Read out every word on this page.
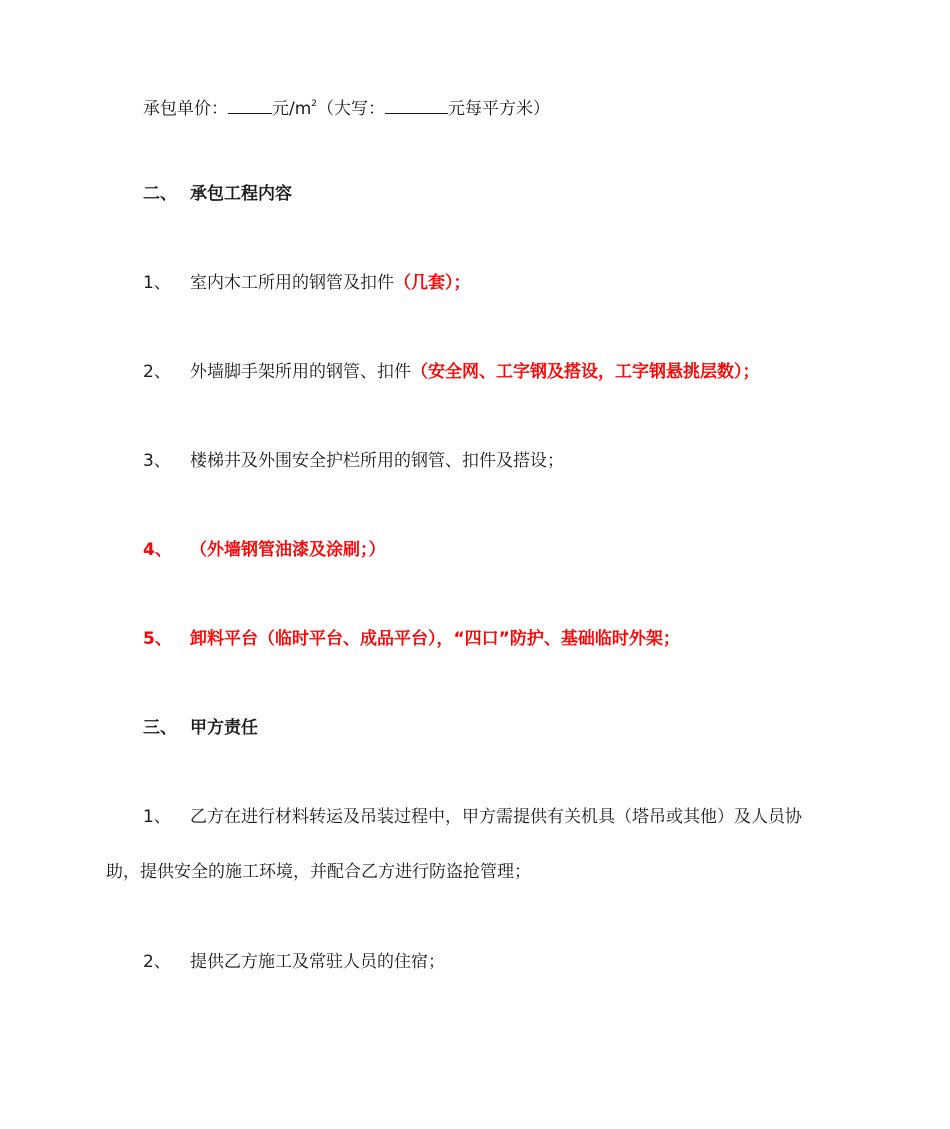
承包单价：	元$/m^2$（大写：	元每平方米）
二、 承包工程内容
1、 室内木工所用的钢管及扣件（几套）；
2、 外墙脚手架所用的钢管、扣件（安全网、工字钢及搭设，工字钢悬挑层数）；
3、 楼梯井及外围安全护栏所用的钢管、扣件及搭设；
4、 （外墙钢管油漆及涂刷；）
5、 卸料平台（临时平台、成品平台），“四口”防护、基础临时外架；
三、 甲方责任
1、 乙方在进行材料转运及吊装过程中，甲方需提供有关机具（塔吊或其他）及人员协
助，提供安全的施工环境，并配合乙方进行防盗抢管理；
2、 提供乙方施工及常驻人员的住宿；
